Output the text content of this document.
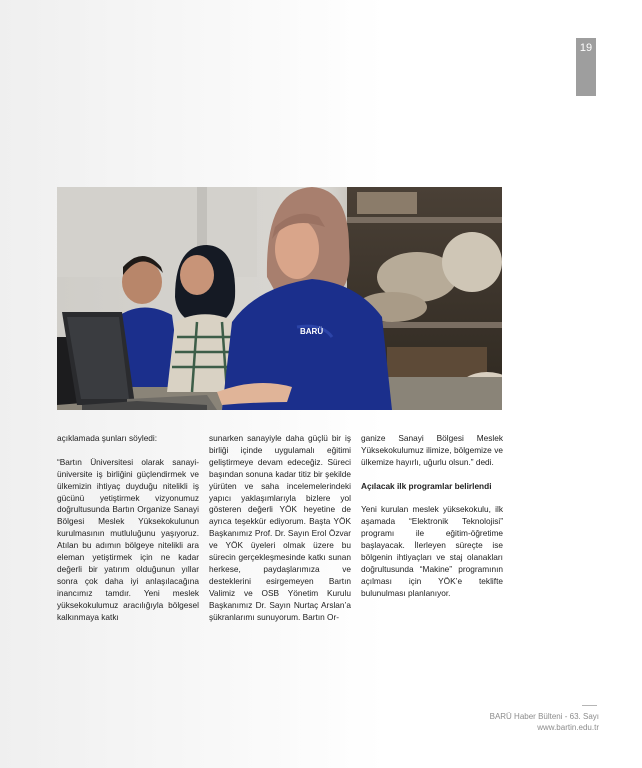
19
BARÜ

açıklamada şunları söyledi:

“Bartın Üniversitesi olarak sanayi-üniversite iş birliğini güçlendirmek ve ülkemizin ihtiyaç duyduğu nitelikli iş gücünü yetiştirmek vizyonumuz doğrultusunda Bartın Organize Sanayi Bölgesi Meslek Yüksekokulunun kurulmasının mutluluğunu yaşıyoruz. Atılan bu adımın bölgeye nitelikli ara eleman yetiştirmek için ne kadar değerli bir yatırım olduğunun yıllar sonra çok daha iyi anlaşılacağına inancımız tamdır. Yeni meslek yüksekokulumuz aracılığıyla bölgesel kalkınmaya katkı

sunarken sanayiyle daha güçlü bir iş birliği içinde uygulamalı eğitimi geliştirmeye devam edeceğiz. Süreci başından sonuna kadar titiz bir şekilde yürüten ve saha incelemelerindeki yapıcı yaklaşımlarıyla bizlere yol gösteren değerli YÖK heyetine de ayrıca teşekkür ediyorum. Başta YÖK Başkanımız Prof. Dr. Sayın Erol Özvar ve YÖK üyeleri olmak üzere bu sürecin gerçekleşmesinde katkı sunan herkese, paydaşlarımıza ve desteklerini esirgemeyen Bartın Valimiz ve OSB Yönetim Kurulu Başkanımız Dr. Sayın Nurtaç Arslan’a şükranlarımı sunuyorum. Bartın Or-

ganize Sanayi Bölgesi Meslek Yüksekokulumuz ilimize, bölgemize ve ülkemize hayırlı, uğurlu olsun.” dedi.

Açılacak ilk programlar belirlendi

Yeni kurulan meslek yüksekokulu, ilk aşamada “Elektronik Teknolojisi” programı ile eğitim-öğretime başlayacak. İlerleyen süreçte ise bölgenin ihtiyaçları ve staj olanakları doğrultusunda “Makine” programının açılması için YÖK’e teklifte bulunulması planlanıyor.

BARÜ Haber Bülteni - 63. Sayı
www.bartin.edu.tr
